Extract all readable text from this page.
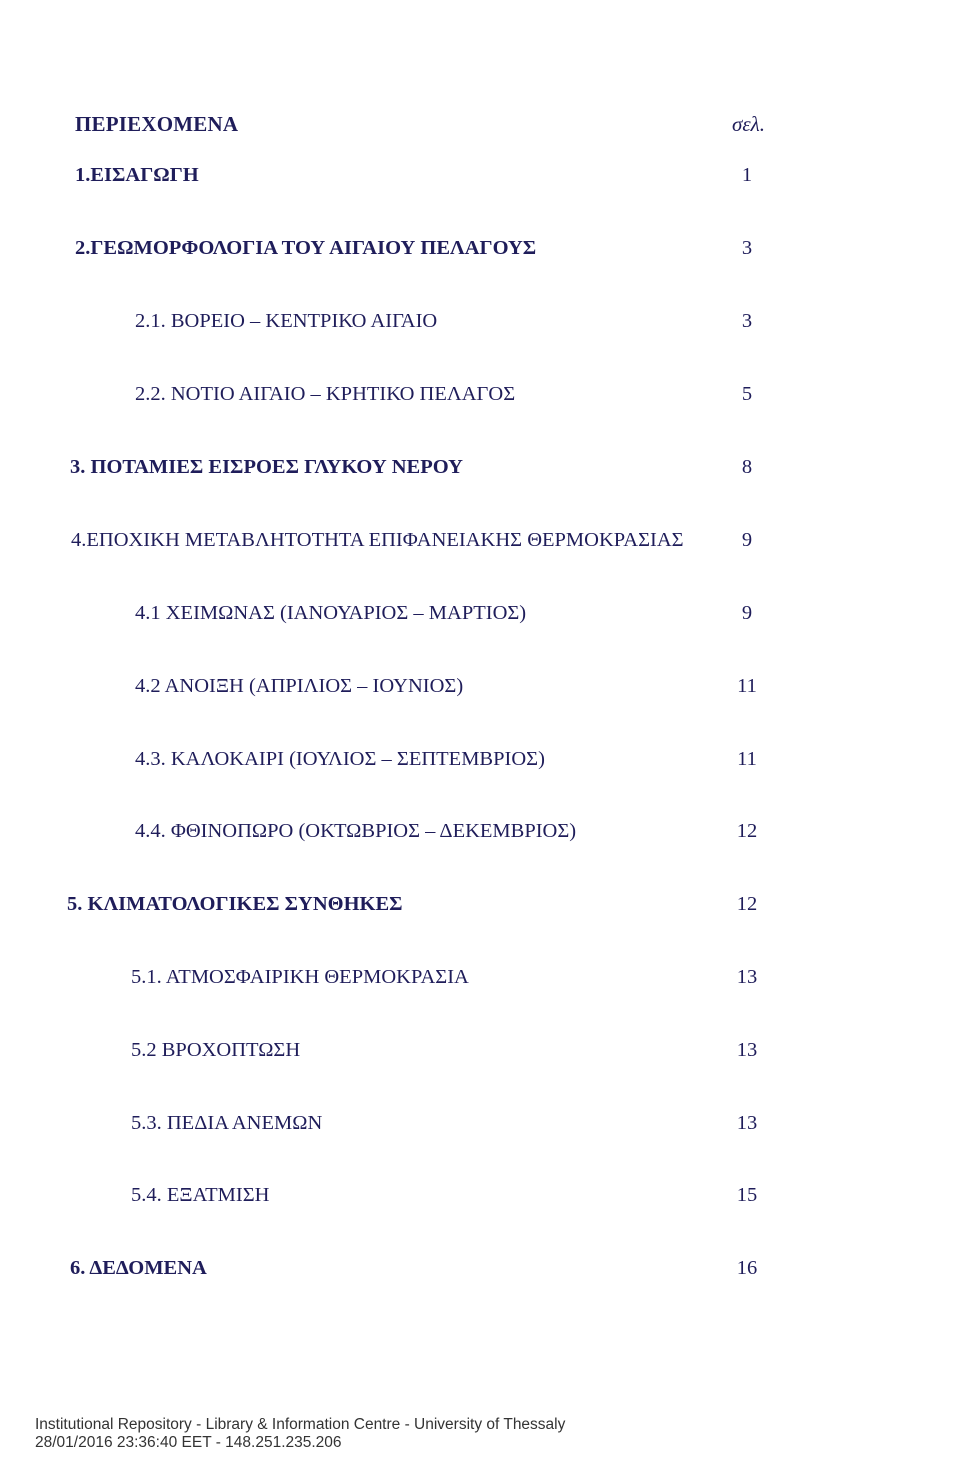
ΠΕΡΙΕΧΟΜΕΝΑ	σελ.
1.ΕΙΣΑΓΩΓΗ	1
2.ΓΕΩΜΟΡΦΟΛΟΓΙΑ ΤΟΥ ΑΙΓΑΙΟΥ ΠΕΛΑΓΟΥΣ	3
2.1. ΒΟΡΕΙΟ – ΚΕΝΤΡΙΚΟ ΑΙΓΑΙΟ	3
2.2. ΝΟΤΙΟ ΑΙΓΑΙΟ – ΚΡΗΤΙΚΟ ΠΕΛΑΓΟΣ	5
3. ΠΟΤΑΜΙΕΣ ΕΙΣΡΟΕΣ ΓΛΥΚΟΥ ΝΕΡΟΥ	8
4.ΕΠΟΧΙΚΗ ΜΕΤΑΒΛΗΤΟΤΗΤΑ ΕΠΙΦΑΝΕΙΑΚΗΣ ΘΕΡΜΟΚΡΑΣΙΑΣ	9
4.1 ΧΕΙΜΩΝΑΣ (ΙΑΝΟΥΑΡΙΟΣ – ΜΑΡΤΙΟΣ)	9
4.2 ΑΝΟΙΞΗ (ΑΠΡΙΛΙΟΣ – ΙΟΥΝΙΟΣ)	11
4.3. ΚΑΛΟΚΑΙΡΙ (ΙΟΥΛΙΟΣ – ΣΕΠΤΕΜΒΡΙΟΣ)	11
4.4. ΦΘΙΝΟΠΩΡΟ (ΟΚΤΩΒΡΙΟΣ – ΔΕΚΕΜΒΡΙΟΣ)	12
5. ΚΛΙΜΑΤΟΛΟΓΙΚΕΣ ΣΥΝΘΗΚΕΣ	12
5.1. ΑΤΜΟΣΦΑΙΡΙΚΗ ΘΕΡΜΟΚΡΑΣΙΑ	13
5.2 ΒΡΟΧΟΠΤΩΣΗ	13
5.3. ΠΕΔΙΑ ΑΝΕΜΩΝ	13
5.4. ΕΞΑΤΜΙΣΗ	15
6. ΔΕΔΟΜΕΝΑ	16
Institutional Repository - Library & Information Centre - University of Thessaly
28/01/2016 23:36:40 EET - 148.251.235.206
